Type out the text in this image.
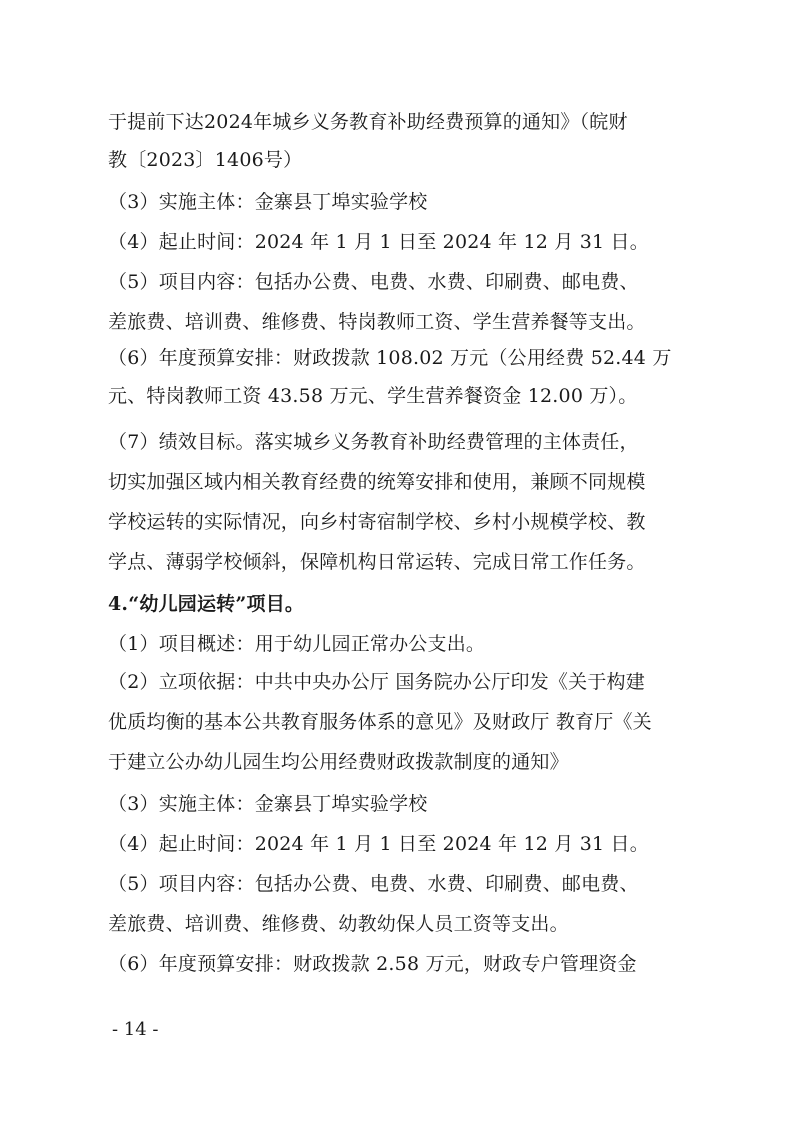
于提前下达2024年城乡义务教育补助经费预算的通知》（皖财
教〔2023〕1406号）
（3）实施主体：金寨县丁埠实验学校
（4）起止时间：2024 年 1 月 1 日至 2024 年 12 月 31 日。
（5）项目内容：包括办公费、电费、水费、印刷费、邮电费、
差旅费、培训费、维修费、特岗教师工资、学生营养餐等支出。
（6）年度预算安排：财政拨款 108.02 万元（公用经费 52.44 万
元、特岗教师工资 43.58 万元、学生营养餐资金 12.00 万）。
（7）绩效目标。落实城乡义务教育补助经费管理的主体责任，
切实加强区域内相关教育经费的统筹安排和使用，兼顾不同规模
学校运转的实际情况，向乡村寄宿制学校、乡村小规模学校、教
学点、薄弱学校倾斜，保障机构日常运转、完成日常工作任务。
4.“幼儿园运转”项目。
（1）项目概述：用于幼儿园正常办公支出。
（2）立项依据：中共中央办公厅 国务院办公厅印发《关于构建
优质均衡的基本公共教育服务体系的意见》及财政厅 教育厅《关
于建立公办幼儿园生均公用经费财政拨款制度的通知》
（3）实施主体：金寨县丁埠实验学校
（4）起止时间：2024 年 1 月 1 日至 2024 年 12 月 31 日。
（5）项目内容：包括办公费、电费、水费、印刷费、邮电费、
差旅费、培训费、维修费、幼教幼保人员工资等支出。
（6）年度预算安排：财政拨款 2.58 万元，财政专户管理资金
- 14 -
